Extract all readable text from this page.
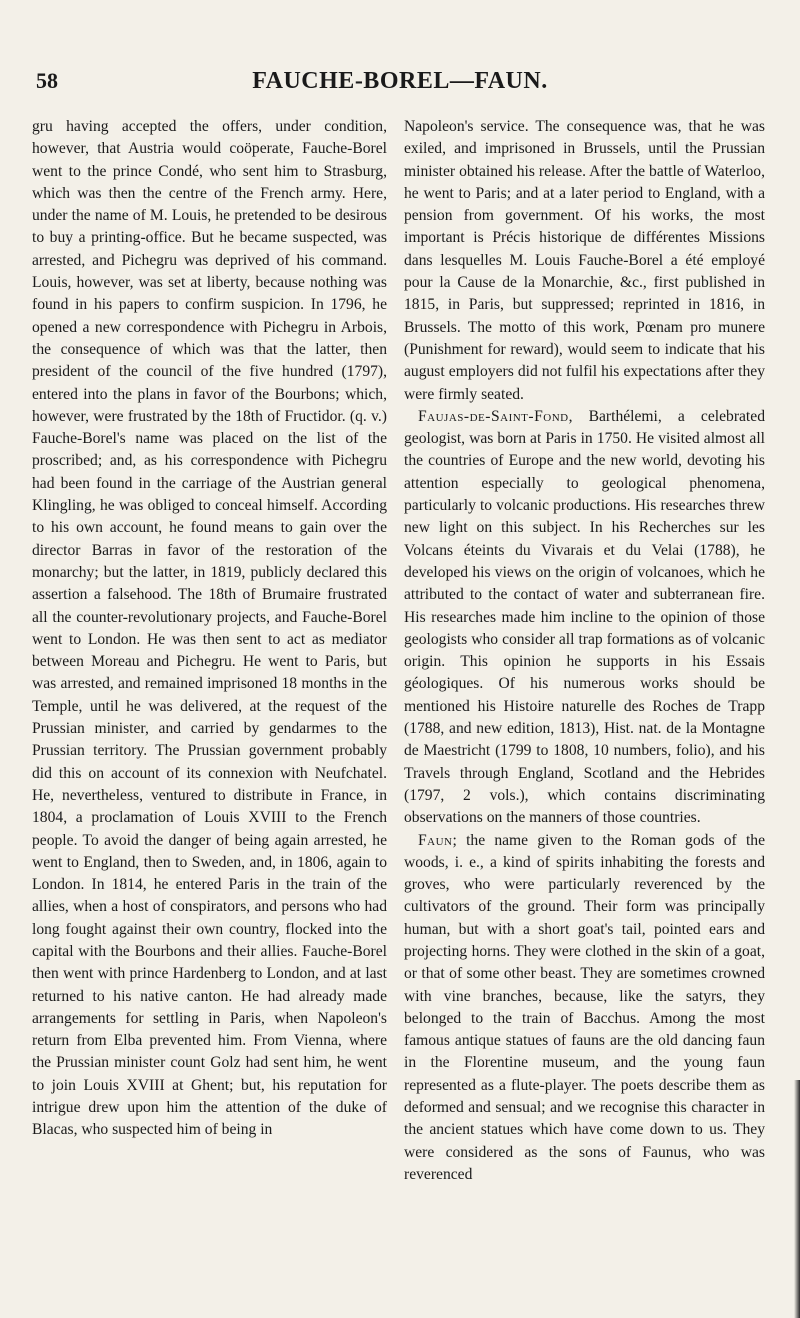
58	FAUCHE-BOREL—FAUN.

gru having accepted the offers, under condition, however, that Austria would coöperate, Fauche-Borel went to the prince Condé, who sent him to Strasburg, which was then the centre of the French army. Here, under the name of M. Louis, he pretended to be desirous to buy a printing-office. But he became suspected, was arrested, and Pichegru was deprived of his command. Louis, however, was set at liberty, because nothing was found in his papers to confirm suspicion. In 1796, he opened a new correspondence with Pichegru in Arbois, the consequence of which was that the latter, then president of the council of the five hundred (1797), entered into the plans in favor of the Bourbons; which, however, were frustrated by the 18th of Fructidor. (q. v.) Fauche-Borel's name was placed on the list of the proscribed; and, as his correspondence with Pichegru had been found in the carriage of the Austrian general Klingling, he was obliged to conceal himself. According to his own account, he found means to gain over the director Barras in favor of the restoration of the monarchy; but the latter, in 1819, publicly declared this assertion a falsehood. The 18th of Brumaire frustrated all the counter-revolutionary projects, and Fauche-Borel went to London. He was then sent to act as mediator between Moreau and Pichegru. He went to Paris, but was arrested, and remained imprisoned 18 months in the Temple, until he was delivered, at the request of the Prussian minister, and carried by gendarmes to the Prussian territory. The Prussian government probably did this on account of its connexion with Neufchatel. He, nevertheless, ventured to distribute in France, in 1804, a proclamation of Louis XVIII to the French people. To avoid the danger of being again arrested, he went to England, then to Sweden, and, in 1806, again to London. In 1814, he entered Paris in the train of the allies, when a host of conspirators, and persons who had long fought against their own country, flocked into the capital with the Bourbons and their allies. Fauche-Borel then went with prince Hardenberg to London, and at last returned to his native canton. He had already made arrangements for settling in Paris, when Napoleon's return from Elba prevented him. From Vienna, where the Prussian minister count Golz had sent him, he went to join Louis XVIII at Ghent; but, his reputation for intrigue drew upon him the attention of the duke of Blacas, who suspected him of being in

Napoleon's service. The consequence was, that he was exiled, and imprisoned in Brussels, until the Prussian minister obtained his release. After the battle of Waterloo, he went to Paris; and at a later period to England, with a pension from government. Of his works, the most important is Précis historique de différentes Missions dans lesquelles M. Louis Fauche-Borel a été employé pour la Cause de la Monarchie, &c., first published in 1815, in Paris, but suppressed; reprinted in 1816, in Brussels. The motto of this work, Pœnam pro munere (Punishment for reward), would seem to indicate that his august employers did not fulfil his expectations after they were firmly seated.

Faujas-de-Saint-Fond, Barthélemi, a celebrated geologist, was born at Paris in 1750. He visited almost all the countries of Europe and the new world, devoting his attention especially to geological phenomena, particularly to volcanic productions. His researches threw new light on this subject. In his Recherches sur les Volcans éteints du Vivarais et du Velai (1788), he developed his views on the origin of volcanoes, which he attributed to the contact of water and subterranean fire. His researches made him incline to the opinion of those geologists who consider all trap formations as of volcanic origin. This opinion he supports in his Essais géologiques. Of his numerous works should be mentioned his Histoire naturelle des Roches de Trapp (1788, and new edition, 1813), Hist. nat. de la Montagne de Maestricht (1799 to 1808, 10 numbers, folio), and his Travels through England, Scotland and the Hebrides (1797, 2 vols.), which contains discriminating observations on the manners of those countries.

Faun; the name given to the Roman gods of the woods, i. e., a kind of spirits inhabiting the forests and groves, who were particularly reverenced by the cultivators of the ground. Their form was principally human, but with a short goat's tail, pointed ears and projecting horns. They were clothed in the skin of a goat, or that of some other beast. They are sometimes crowned with vine branches, because, like the satyrs, they belonged to the train of Bacchus. Among the most famous antique statues of fauns are the old dancing faun in the Florentine museum, and the young faun represented as a flute-player. The poets describe them as deformed and sensual; and we recognise this character in the ancient statues which have come down to us. They were considered as the sons of Faunus, who was reverenced
